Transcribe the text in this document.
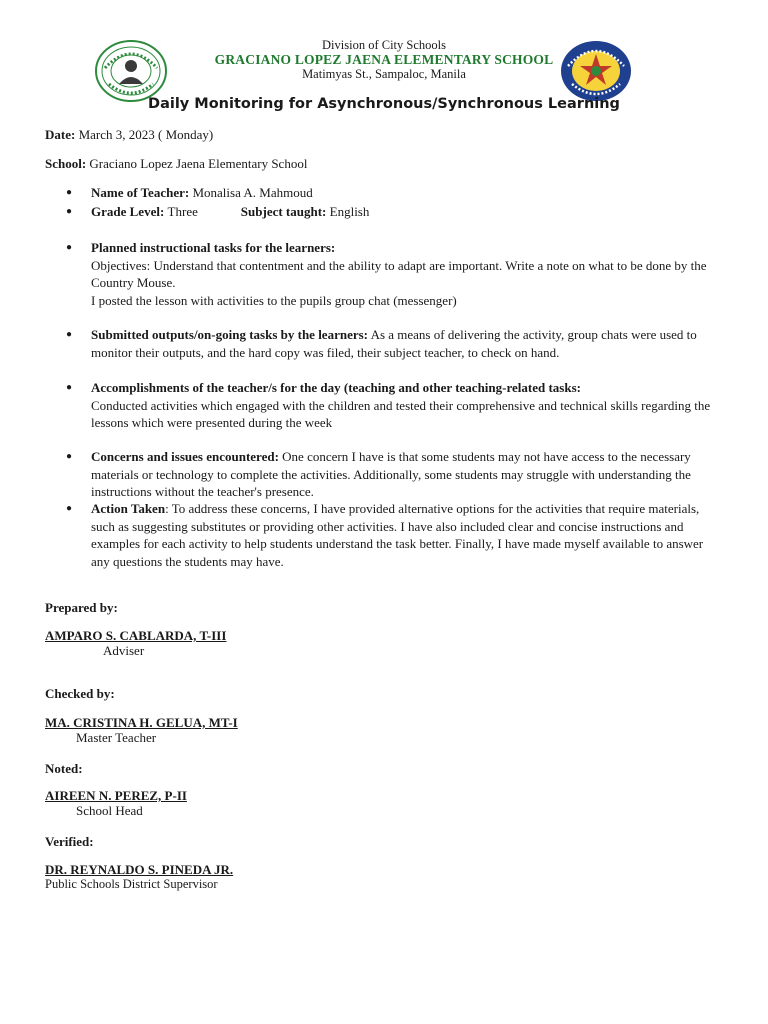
Division of City Schools
GRACIANO LOPEZ JAENA ELEMENTARY SCHOOL
Matimyas St., Sampaloc, Manila
Daily Monitoring for Asynchronous/Synchronous Learning
Date: March 3, 2023 ( Monday)
School: Graciano Lopez Jaena Elementary School
● Name of Teacher: Monalisa A. Mahmoud
● Grade Level: Three	Subject taught: English
● Planned instructional tasks for the learners:
Objectives: Understand that contentment and the ability to adapt are important. Write a note on what to be done by the Country Mouse.
I posted the lesson with activities to the pupils group chat (messenger)
● Submitted outputs/on-going tasks by the learners: As a means of delivering the activity, group chats were used to monitor their outputs, and the hard copy was filed, their subject teacher, to check on hand.
● Accomplishments of the teacher/s for the day (teaching and other teaching-related tasks:
Conducted activities which engaged with the children and tested their comprehensive and technical skills regarding the lessons which were presented during the week
● Concerns and issues encountered: One concern I have is that some students may not have access to the necessary materials or technology to complete the activities. Additionally, some students may struggle with understanding the instructions without the teacher's presence.
● Action Taken: To address these concerns, I have provided alternative options for the activities that require materials, such as suggesting substitutes or providing other activities. I have also included clear and concise instructions and examples for each activity to help students understand the task better. Finally, I have made myself available to answer any questions the students may have.
Prepared by:
AMPARO S. CABLARDA, T-III
Adviser
Checked by:
MA. CRISTINA H. GELUA, MT-I
Master Teacher
Noted:
AIREEN N. PEREZ, P-II
School Head
Verified:
DR. REYNALDO S. PINEDA JR.
Public Schools District Supervisor
